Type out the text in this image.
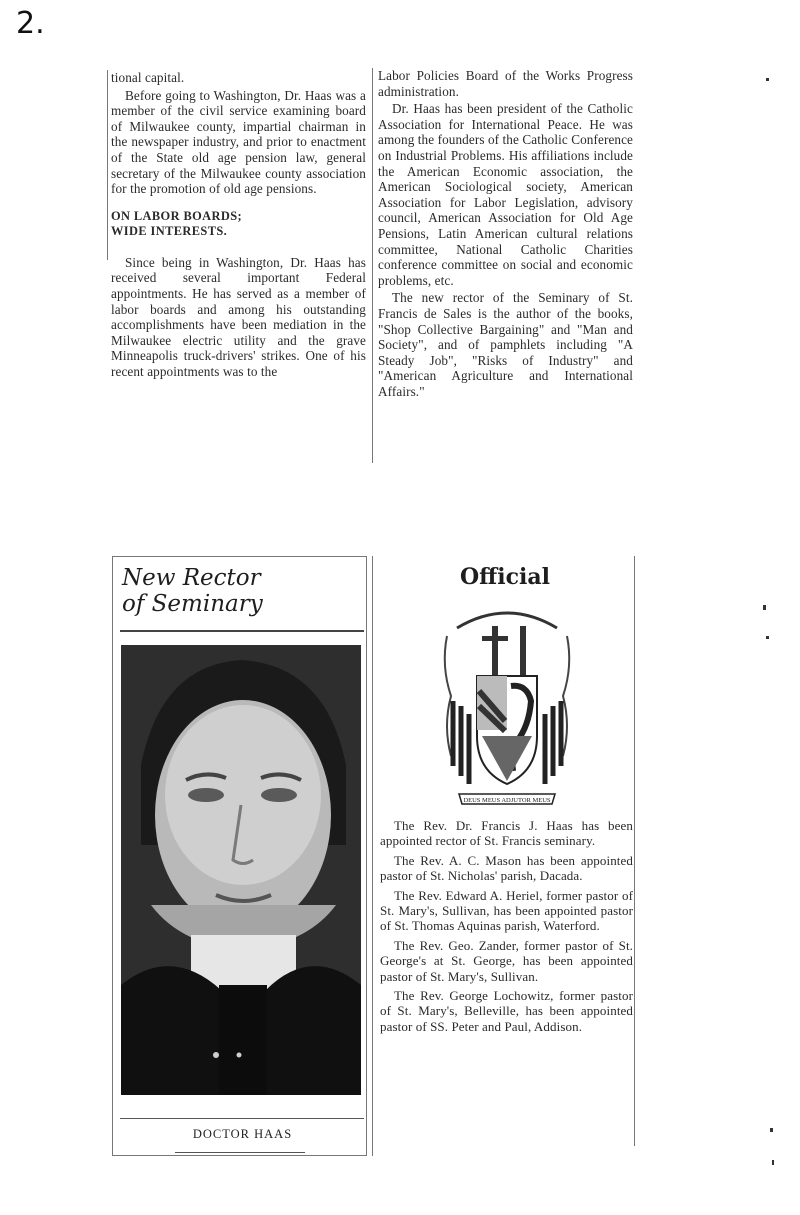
2.

tional capital.

Before going to Washington, Dr. Haas was a member of the civil service examining board of Milwaukee county, impartial chairman in the newspaper industry, and prior to enactment of the State old age pension law, general secretary of the Milwaukee county association for the promotion of old age pensions.

ON LABOR BOARDS;
WIDE INTERESTS.

Since being in Washington, Dr. Haas has received several important Federal appointments. He has served as a member of labor boards and among his outstanding accomplishments have been mediation in the Milwaukee electric utility and the grave Minneapolis truck-drivers' strikes. One of his recent appointments was to the

Labor Policies Board of the Works Progress administration.

Dr. Haas has been president of the Catholic Association for International Peace. He was among the founders of the Catholic Conference on Industrial Problems. His affiliations include the American Economic association, the American Sociological society, American Association for Labor Legislation, advisory council, American Association for Old Age Pensions, Latin American cultural relations committee, National Catholic Charities conference committee on social and economic problems, etc.

The new rector of the Seminary of St. Francis de Sales is the author of the books, "Shop Collective Bargaining" and "Man and Society", and of pamphlets including "A Steady Job", "Risks of Industry" and "American Agriculture and International Affairs."

New Rector
of Seminary
DOCTOR HAAS
Official
DEUS MEUS ADJUTOR MEUS

The Rev. Dr. Francis J. Haas has been appointed rector of St. Francis seminary.

The Rev. A. C. Mason has been appointed pastor of St. Nicholas' parish, Dacada.

The Rev. Edward A. Heriel, former pastor of St. Mary's, Sullivan, has been appointed pastor of St. Thomas Aquinas parish, Waterford.

The Rev. Geo. Zander, former pastor of St. George's at St. George, has been appointed pastor of St. Mary's, Sullivan.

The Rev. George Lochowitz, former pastor of St. Mary's, Belleville, has been appointed pastor of SS. Peter and Paul, Addison.
